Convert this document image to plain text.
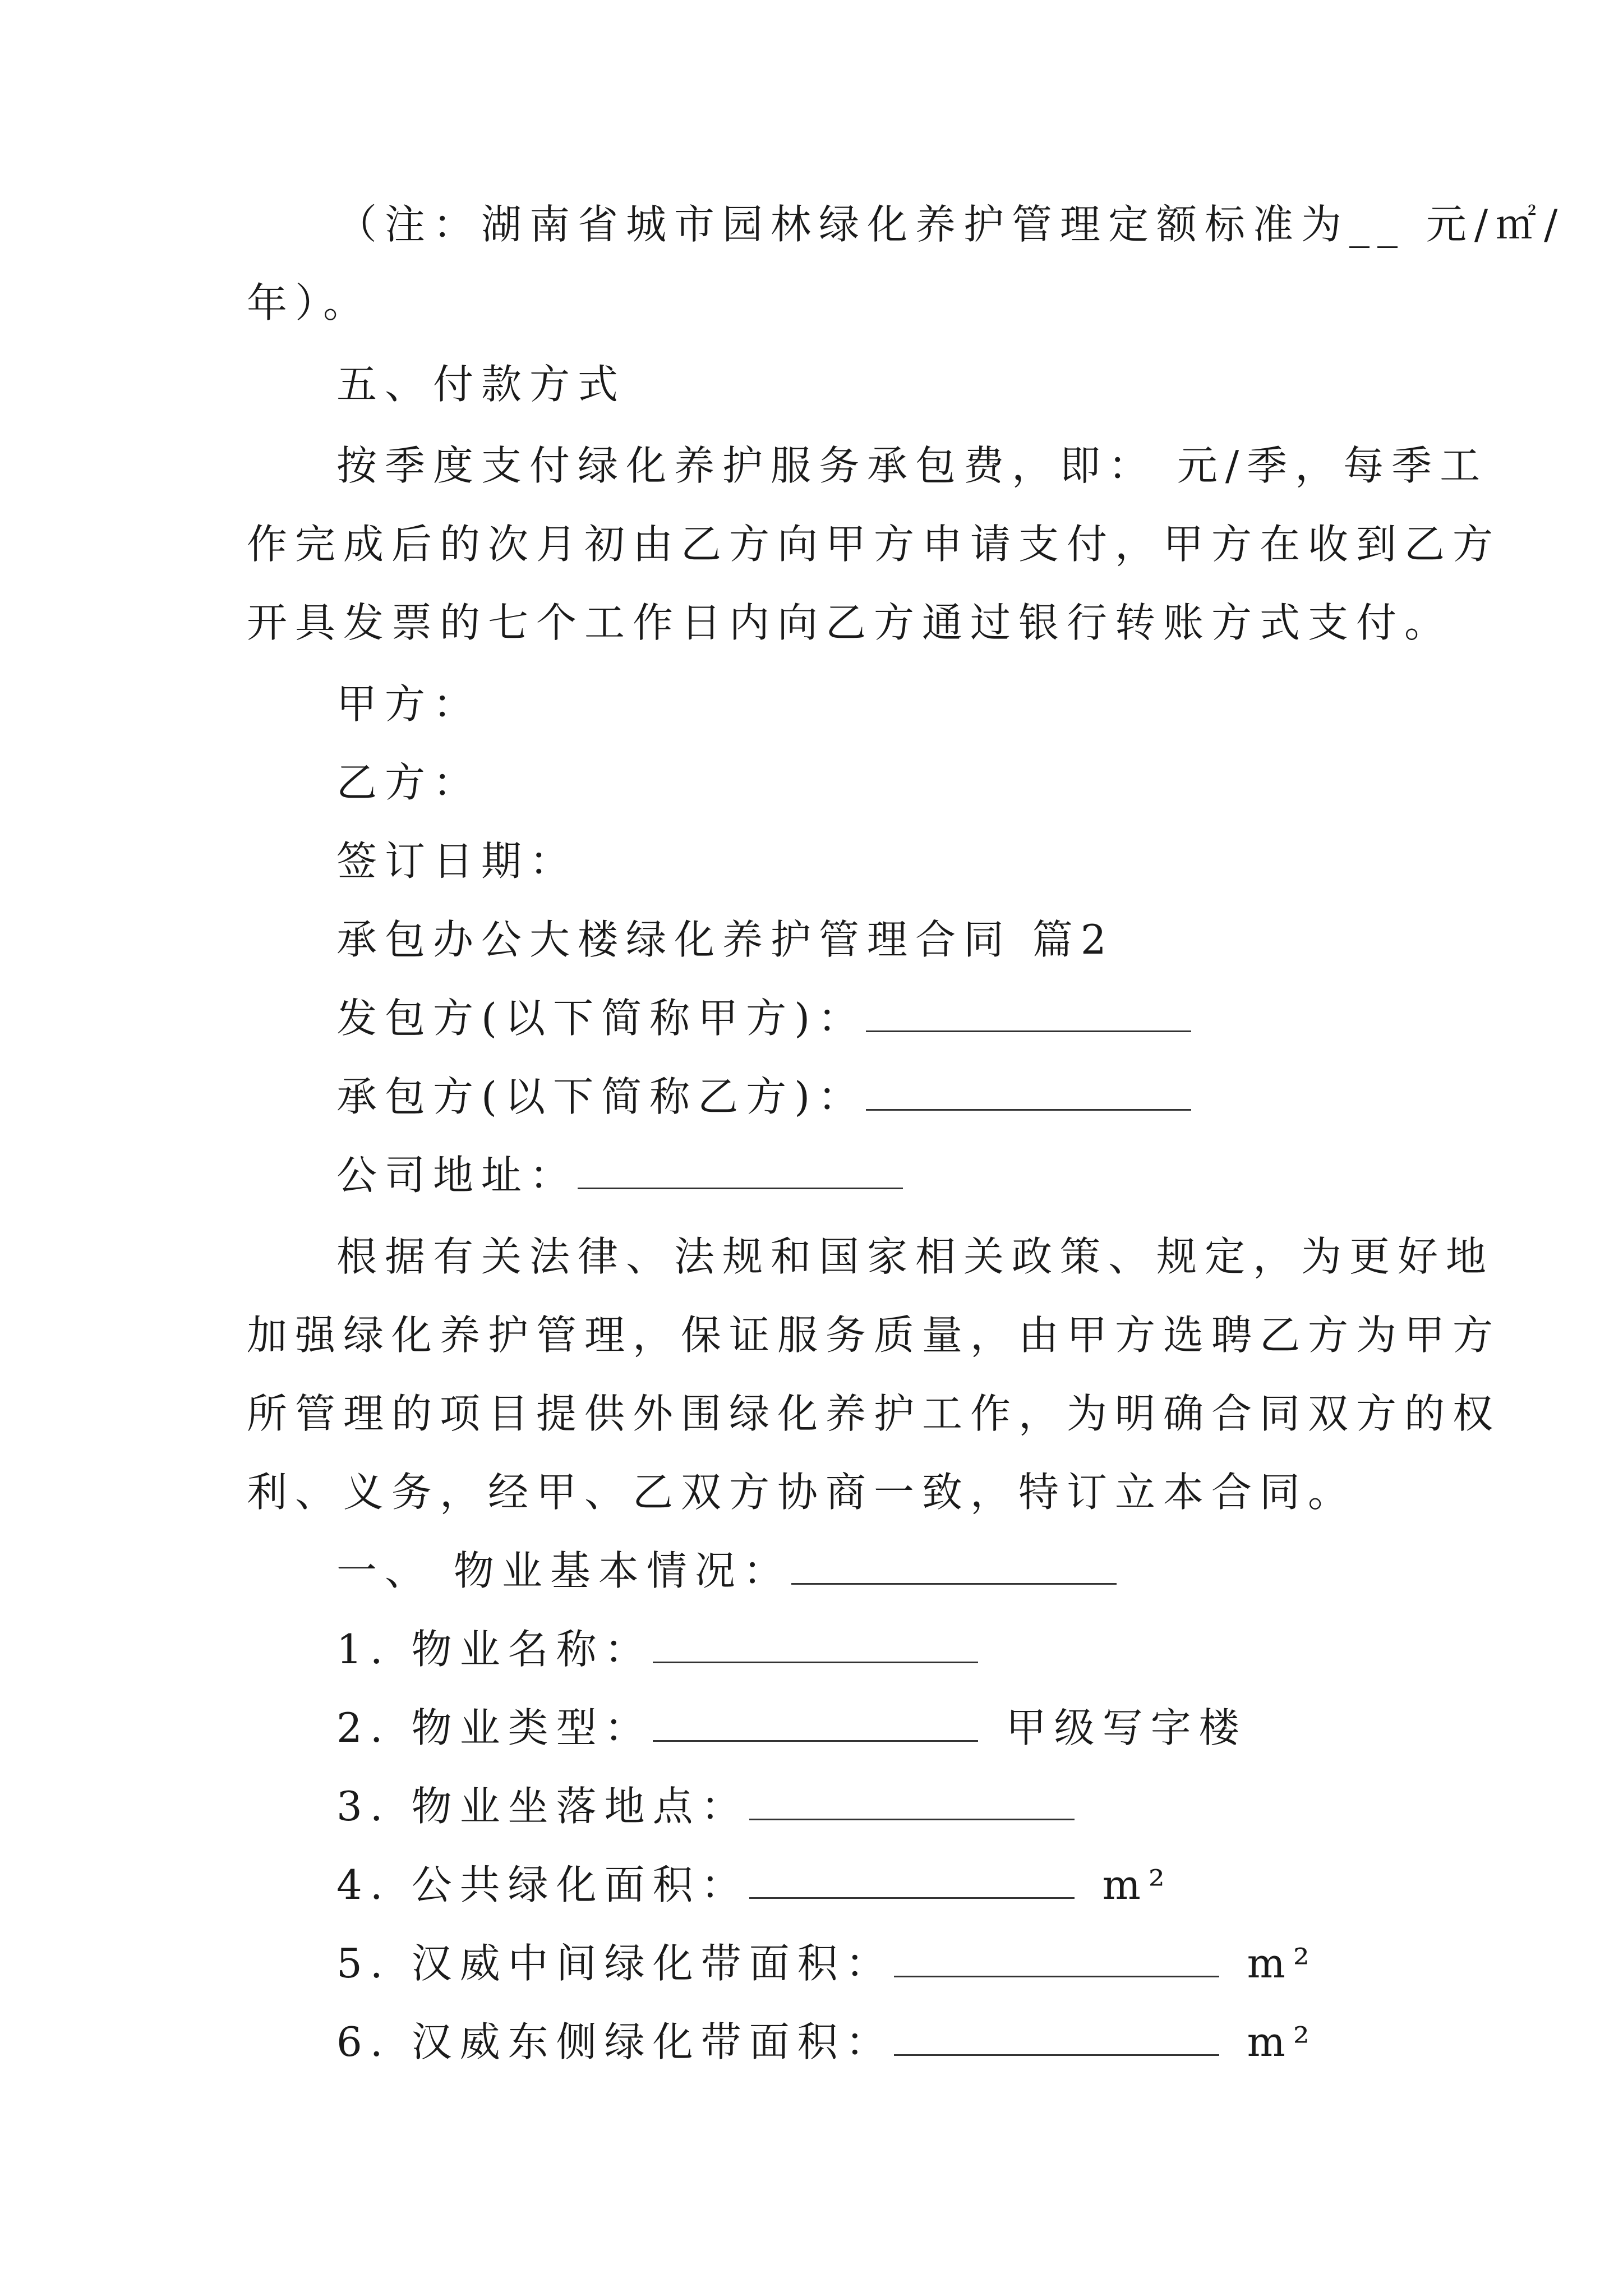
（注：湖南省城市园林绿化养护管理定额标准为__ 元/㎡/
年）。
五、付款方式
按季度支付绿化养护服务承包费，即： 元/季，每季工
作完成后的次月初由乙方向甲方申请支付，甲方在收到乙方
开具发票的七个工作日内向乙方通过银行转账方式支付。
甲方：
乙方：
签订日期：
承包办公大楼绿化养护管理合同 篇2
发包方(以下简称甲方)：
承包方(以下简称乙方)：
公司地址：
根据有关法律、法规和国家相关政策、规定，为更好地
加强绿化养护管理，保证服务质量，由甲方选聘乙方为甲方
所管理的项目提供外围绿化养护工作，为明确合同双方的权
利、义务，经甲、乙双方协商一致，特订立本合同。
一、 物业基本情况：
1. 物业名称：
2. 物业类型：	甲级写字楼
3. 物业坐落地点：
4. 公共绿化面积：	m²
5. 汉威中间绿化带面积：	m²
6. 汉威东侧绿化带面积：	m²
